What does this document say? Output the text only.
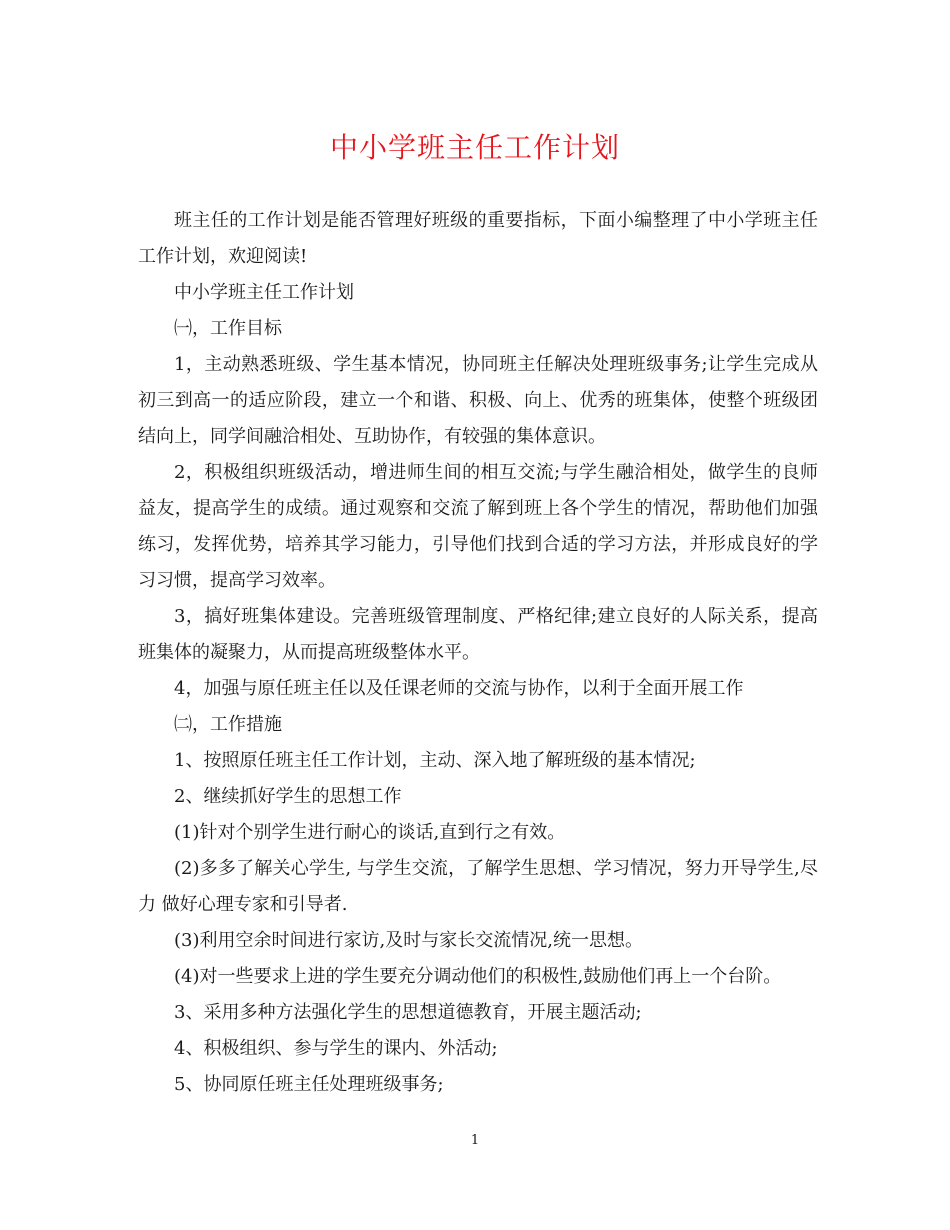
中小学班主任工作计划

班主任的工作计划是能否管理好班级的重要指标，下面小编整理了中小学班主任工作计划，欢迎阅读!

中小学班主任工作计划

㈠，工作目标

1，主动熟悉班级、学生基本情况，协同班主任解决处理班级事务;让学生完成从初三到高一的适应阶段，建立一个和谐、积极、向上、优秀的班集体，使整个班级团结向上，同学间融洽相处、互助协作，有较强的集体意识。

2，积极组织班级活动，增进师生间的相互交流;与学生融洽相处，做学生的良师益友，提高学生的成绩。通过观察和交流了解到班上各个学生的情况，帮助他们加强练习，发挥优势，培养其学习能力，引导他们找到合适的学习方法，并形成良好的学习习惯，提高学习效率。

3，搞好班集体建设。完善班级管理制度、严格纪律;建立良好的人际关系，提高班集体的凝聚力，从而提高班级整体水平。

4，加强与原任班主任以及任课老师的交流与协作，以利于全面开展工作

㈡，工作措施

1、按照原任班主任工作计划，主动、深入地了解班级的基本情况;

2、继续抓好学生的思想工作

(1)针对个别学生进行耐心的谈话,直到行之有效。

(2)多多了解关心学生, 与学生交流，了解学生思想、学习情况，努力开导学生,尽力 做好心理专家和引导者.

(3)利用空余时间进行家访,及时与家长交流情况,统一思想。

(4)对一些要求上进的学生要充分调动他们的积极性,鼓励他们再上一个台阶。

3、采用多种方法强化学生的思想道德教育，开展主题活动;

4、积极组织、参与学生的课内、外活动;

5、协同原任班主任处理班级事务;

1
